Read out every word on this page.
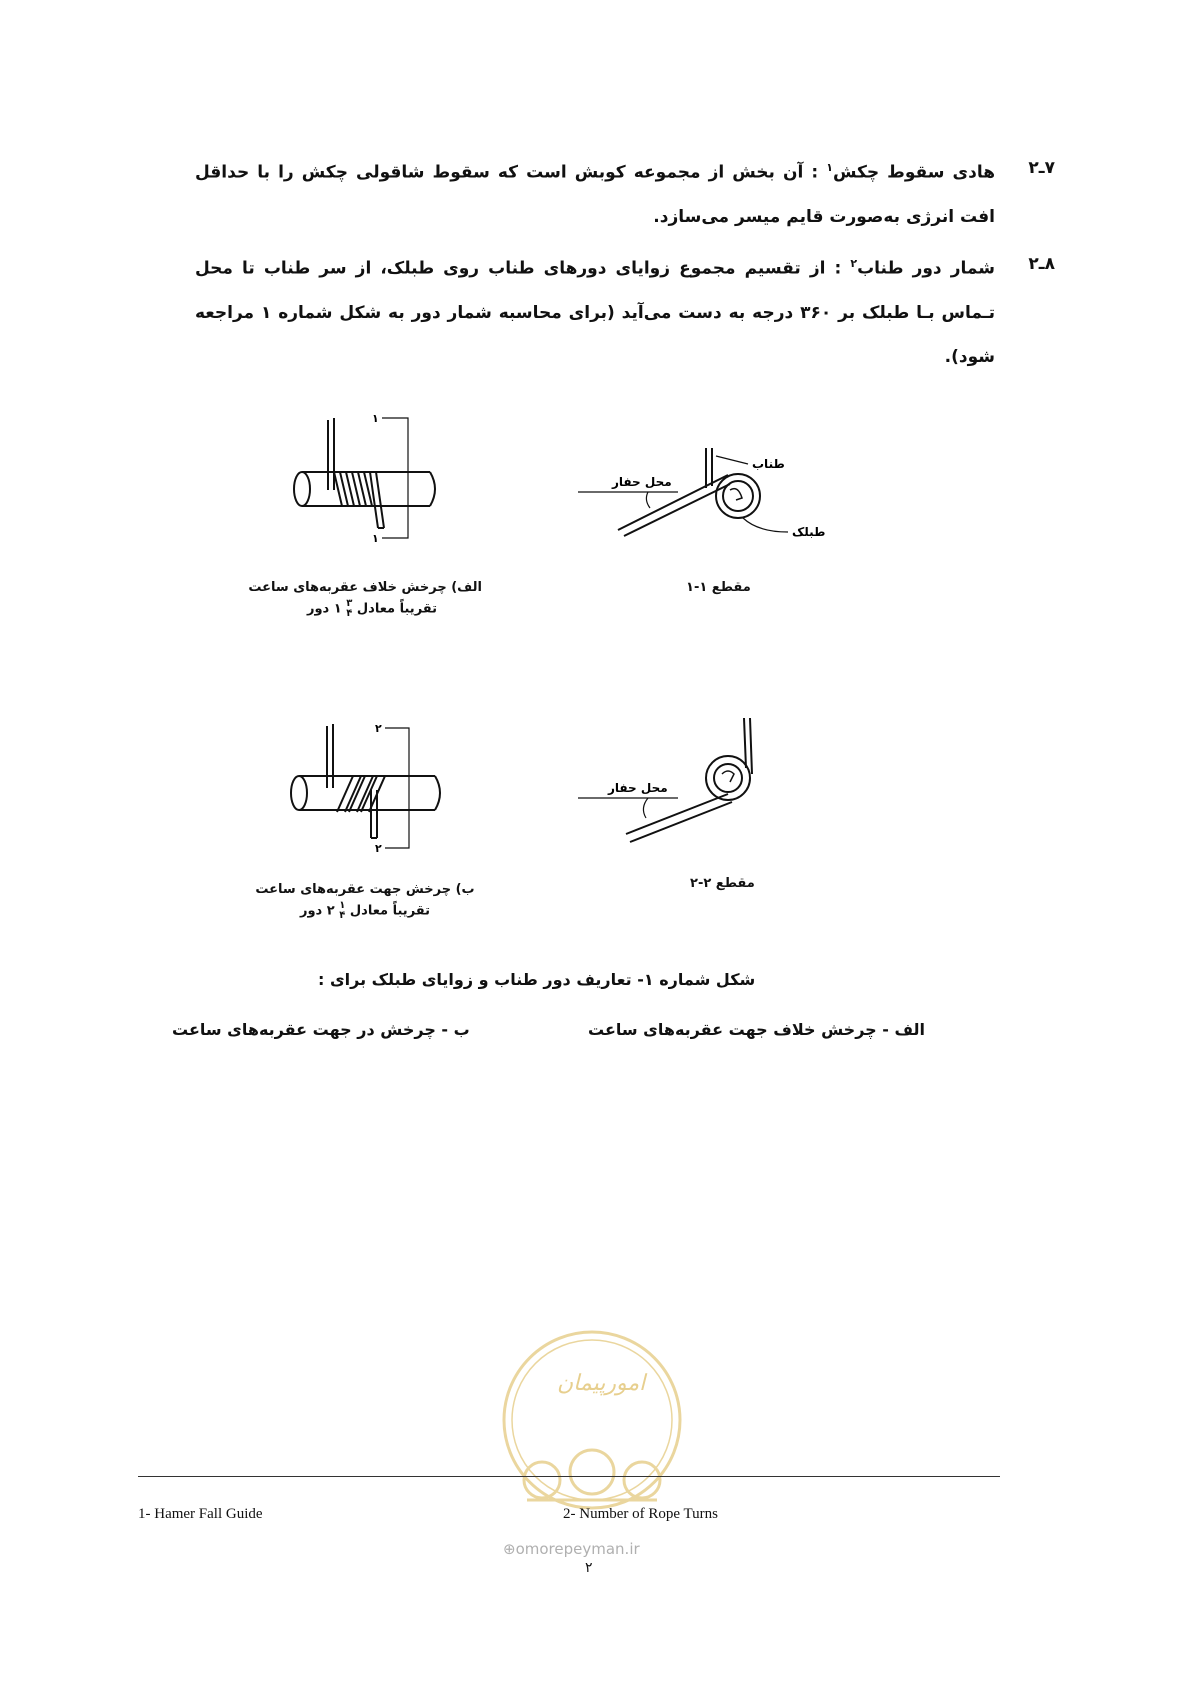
۷ـ۲
هادی سقوط چکش$^۱$ : آن بخش از مجموعه کوبش است که سقوط شاقولی چکش را با حداقل افت انرژی به‌صورت قایم میسر می‌سازد.
۸ـ۲
شمار دور طناب$^۲$ : از تقسیم مجموع زوایای دورهای طناب روی طبلک، از سر طناب تا محل تـماس بـا طبلک بر ۳۶۰ درجه به دست می‌آید (برای محاسبه شمار دور به شکل شماره ۱ مراجعه شود).
۱
۱
الف) چرخش خلاف عقربه‌های ساعت
تقریباً معادل ۳
۴ ۱ دور
محل حفار
طناب
طبلک
مقطع ۱-۱
۲
۲
ب) چرخش جهت عقربه‌های ساعت
تقریباً معادل ۱
۴ ۲ دور
محل حفار
مقطع ۲-۲
شکل شماره ۱- تعاریف دور طناب و زوایای طبلک برای :
الف - چرخش خلاف جهت عقربه‌های ساعت
ب - چرخش در جهت عقربه‌های ساعت
امورپیمان
1- Hamer Fall Guide	2- Number of Rope Turns
⊕omorepeyman.ir
۲
